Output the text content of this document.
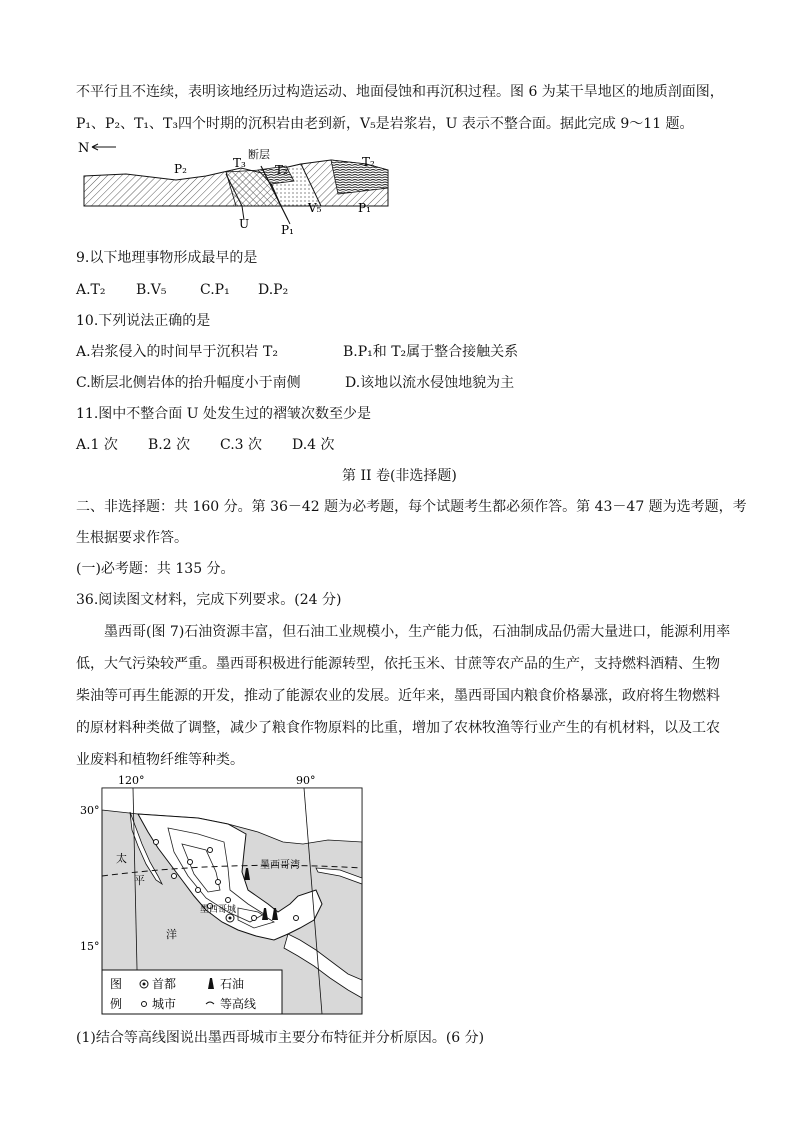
不平行且不连续，表明该地经历过构造运动、地面侵蚀和再沉积过程。图 6 为某干旱地区的地质剖面图，
P₁、P₂、T₁、T₃四个时期的沉积岩由老到新，V₅是岩浆岩，U 表示不整合面。据此完成 9～11 题。
N
P₂	T₃
断层
T₂
T₂
U	P₁
V₅	P₁
9.以下地理事物形成最早的是
A.T₂ B.V₅ C.P₁ D.P₂
10.下列说法正确的是
A.岩浆侵入的时间早于沉积岩 T₂	B.P₁和 T₂属于整合接触关系
C.断层北侧岩体的抬升幅度小于南侧	D.该地以流水侵蚀地貌为主
11.图中不整合面 U 处发生过的褶皱次数至少是
A.1 次 B.2 次 C.3 次 D.4 次
第 II 卷(非选择题)
二、非选择题：共 160 分。第 36－42 题为必考题，每个试题考生都必须作答。第 43－47 题为选考题，考
生根据要求作答。
(一)必考题：共 135 分。
36.阅读图文材料，完成下列要求。(24 分)
墨西哥(图 7)石油资源丰富，但石油工业规模小，生产能力低，石油制成品仍需大量进口，能源利用率
低，大气污染较严重。墨西哥积极进行能源转型，依托玉米、甘蔗等农产品的生产，支持燃料酒精、生物
柴油等可再生能源的开发，推动了能源农业的发展。近年来，墨西哥国内粮食价格暴涨，政府将生物燃料
的原材料种类做了调整，减少了粮食作物原料的比重，增加了农林牧渔等行业产生的有机材料，以及工农
业废料和植物纤维等种类。
120°	90°
30°
15°
墨西哥湾
太
平
洋
墨西哥城
图
例
首都	石油
城市	等高线
(1)结合等高线图说出墨西哥城市主要分布特征并分析原因。(6 分)
